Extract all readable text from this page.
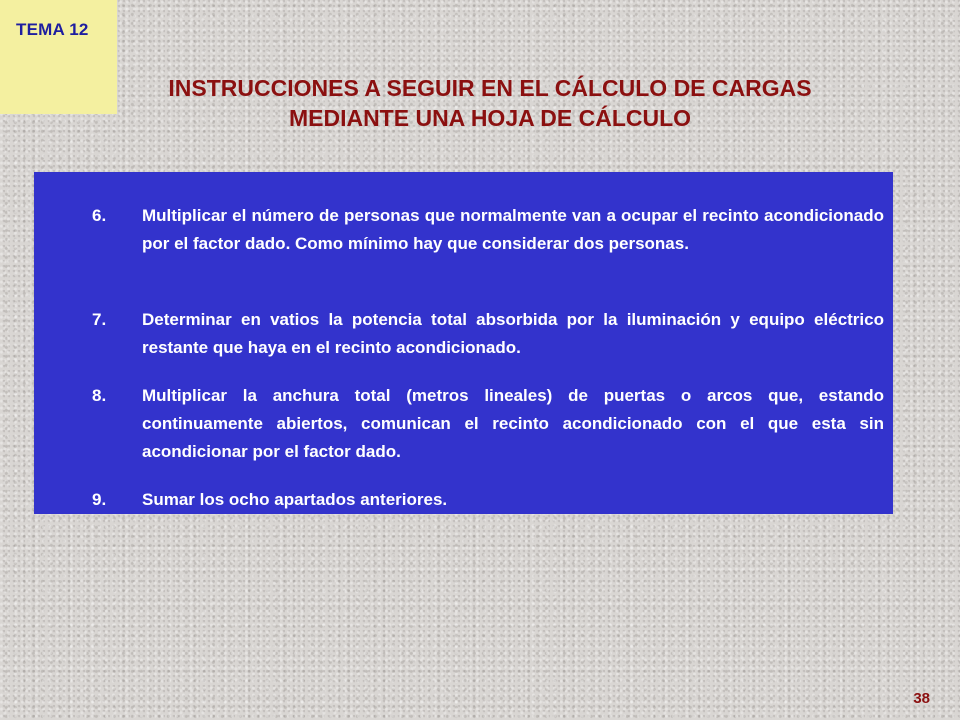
TEMA 12
INSTRUCCIONES A SEGUIR EN EL CÁLCULO DE CARGAS
MEDIANTE UNA HOJA DE CÁLCULO
6. Multiplicar el número de personas que normalmente van a ocupar el recinto acondicionado por el factor dado. Como mínimo hay que considerar dos personas.
7. Determinar en vatios la potencia total absorbida por la iluminación y equipo eléctrico restante que haya en el recinto acondicionado.
8. Multiplicar la anchura total (metros lineales) de puertas o arcos que, estando continuamente abiertos, comunican el recinto acondicionado con el que esta sin acondicionar por el factor dado.
9. Sumar los ocho apartados anteriores.
38
